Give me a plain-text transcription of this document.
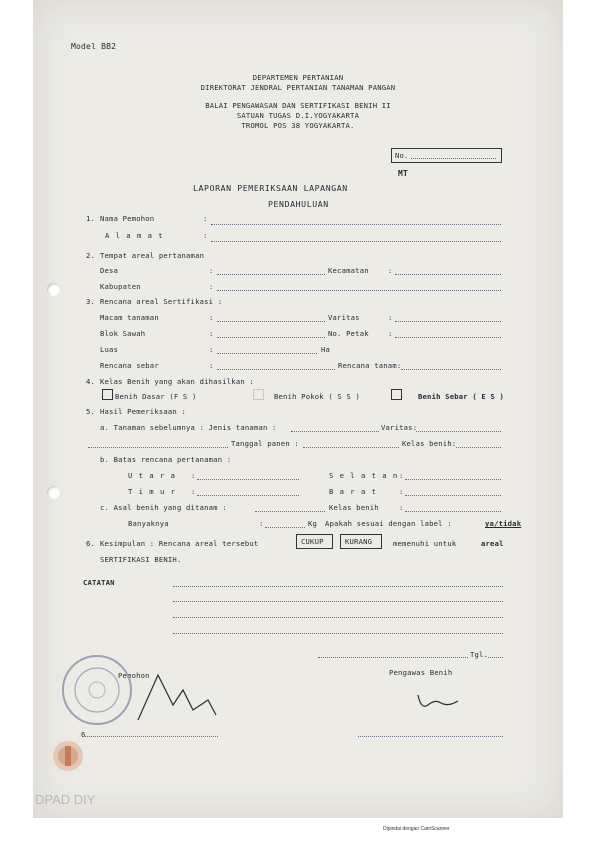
Model BB2
DEPARTEMEN PERTANIAN
DIREKTORAT JENDRAL PERTANIAN TANAMAN PANGAN
BALAI PENGAWASAN DAN SERTIFIKASI BENIH II
SATUAN TUGAS D.I.YOGYAKARTA
TROMOL POS 38 YOGYAKARTA.
No.
MT
LAPORAN PEMERIKSAAN LAPANGAN
PENDAHULUAN
1. Nama Pemohon	:
A l a m a t	:
2. Tempat areal pertanaman
Desa	:	Kecamatan	:
Kabupaten	:
3. Rencana areal Sertifikasi :
Macam tanaman	:	Varitas	:
Blok Sawah	:	No. Petak	:
Luas	:	Ha
Rencana sebar	:	Rencana tanam:
4. Kelas Benih yang akan dihasilkan :
Benih Dasar (F S )	Benih Pokok ( S S )	Benih Sebar ( E S )
5. Hasil Pemeriksaan :
a. Tanaman sebelumnya : Jenis tanaman :	Varitas:
Tanggal panen :	Kelas benih:
b. Batas rencana pertanaman :
U t a r a :	S e l a t a n :
T i m u r :	B a r a t	:
c. Asal benih yang ditanam :	Kelas benih	:
Banyaknya	:	Kg Apakah sesuai dengan label :	ya/tidak
6. Kesimpulan : Rencana areal tersebut	CUKUP	KURANG	memenuhi untuk	areal
SERTIFIKASI BENIH.
CATATAN
Tgl.
Pemohon	Pengawas Benih
6.
DPAD DIY
Dipindai dengan CamScanner
